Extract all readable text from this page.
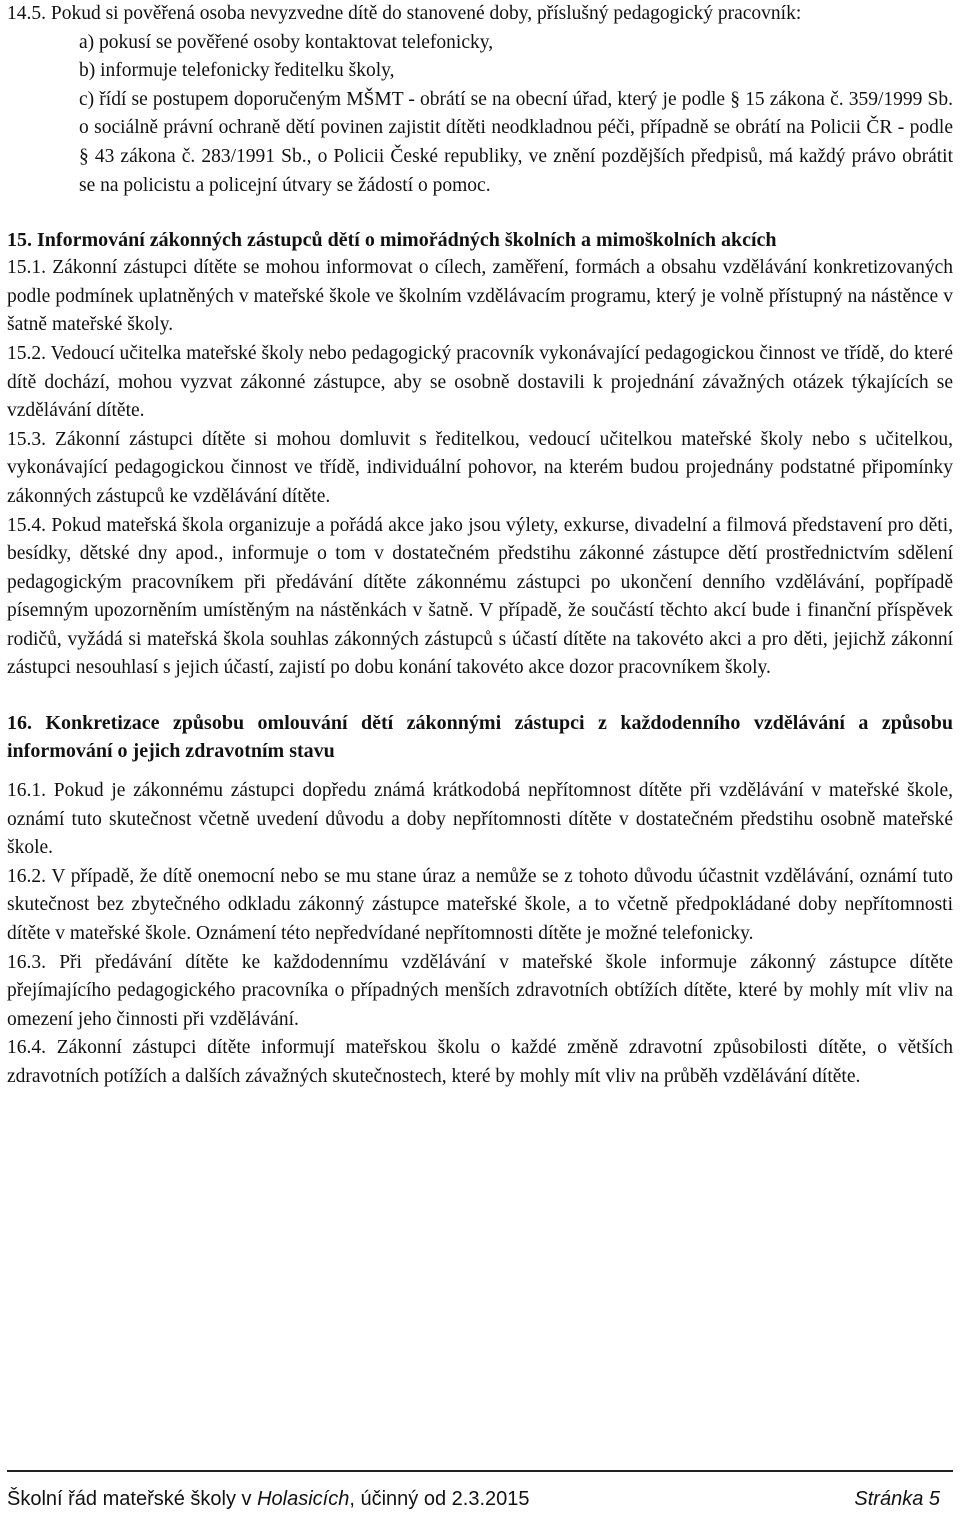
14.5. Pokud si pověřená osoba nevyzvedne dítě do stanovené doby, příslušný pedagogický pracovník:

a) pokusí se pověřené osoby kontaktovat telefonicky,

b) informuje telefonicky ředitelku školy,

c) řídí se postupem doporučeným MŠMT - obrátí se na obecní úřad, který je podle § 15 zákona č. 359/1999 Sb. o sociálně právní ochraně dětí povinen zajistit dítěti neodkladnou péči, případně se obrátí na Policii ČR - podle § 43 zákona č. 283/1991 Sb., o Policii České republiky, ve znění pozdějších předpisů, má každý právo obrátit se na policistu a policejní útvary se žádostí o pomoc.

15. Informování zákonných zástupců dětí o mimořádných školních a mimoškolních akcích

15.1. Zákonní zástupci dítěte se mohou informovat o cílech, zaměření, formách a obsahu vzdělávání konkretizovaných podle podmínek uplatněných v mateřské škole ve školním vzdělávacím programu, který je volně přístupný na nástěnce v šatně mateřské školy.

15.2. Vedoucí učitelka mateřské školy nebo pedagogický pracovník vykonávající pedagogickou činnost ve třídě, do které dítě dochází, mohou vyzvat zákonné zástupce, aby se osobně dostavili k projednání závažných otázek týkajících se vzdělávání dítěte.

15.3. Zákonní zástupci dítěte si mohou domluvit s ředitelkou, vedoucí učitelkou mateřské školy nebo s učitelkou, vykonávající pedagogickou činnost ve třídě, individuální pohovor, na kterém budou projednány podstatné připomínky zákonných zástupců ke vzdělávání dítěte.

15.4. Pokud mateřská škola organizuje a pořádá akce jako jsou výlety, exkurse, divadelní a filmová představení pro děti, besídky, dětské dny apod., informuje o tom v dostatečném předstihu zákonné zástupce dětí prostřednictvím sdělení pedagogickým pracovníkem při předávání dítěte zákonnému zástupci po ukončení denního vzdělávání, popřípadě písemným upozorněním umístěným na nástěnkách v šatně. V případě, že součástí těchto akcí bude i finanční příspěvek rodičů, vyžádá si mateřská škola souhlas zákonných zástupců s účastí dítěte na takovéto akci a pro děti, jejichž zákonní zástupci nesouhlasí s jejich účastí, zajistí po dobu konání takovéto akce dozor pracovníkem školy.

16. Konkretizace způsobu omlouvání dětí zákonnými zástupci z každodenního vzdělávání a způsobu informování o jejich zdravotním stavu

16.1. Pokud je zákonnému zástupci dopředu známá krátkodobá nepřítomnost dítěte při vzdělávání v mateřské škole, oznámí tuto skutečnost včetně uvedení důvodu a doby nepřítomnosti dítěte v dostatečném předstihu osobně mateřské škole.

16.2. V případě, že dítě onemocní nebo se mu stane úraz a nemůže se z tohoto důvodu účastnit vzdělávání, oznámí tuto skutečnost bez zbytečného odkladu zákonný zástupce mateřské škole, a to včetně předpokládané doby nepřítomnosti dítěte v mateřské škole. Oznámení této nepředvídané nepřítomnosti dítěte je možné telefonicky.

16.3. Při předávání dítěte ke každodennímu vzdělávání v mateřské škole informuje zákonný zástupce dítěte přejímajícího pedagogického pracovníka o případných menších zdravotních obtížích dítěte, které by mohly mít vliv na omezení jeho činnosti při vzdělávání.

16.4. Zákonní zástupci dítěte informují mateřskou školu o každé změně zdravotní způsobilosti dítěte, o větších zdravotních potížích a dalších závažných skutečnostech, které by mohly mít vliv na průběh vzdělávání dítěte.

Školní řád mateřské školy v Holasicích, účinný od 2.3.2015	Stránka 5
